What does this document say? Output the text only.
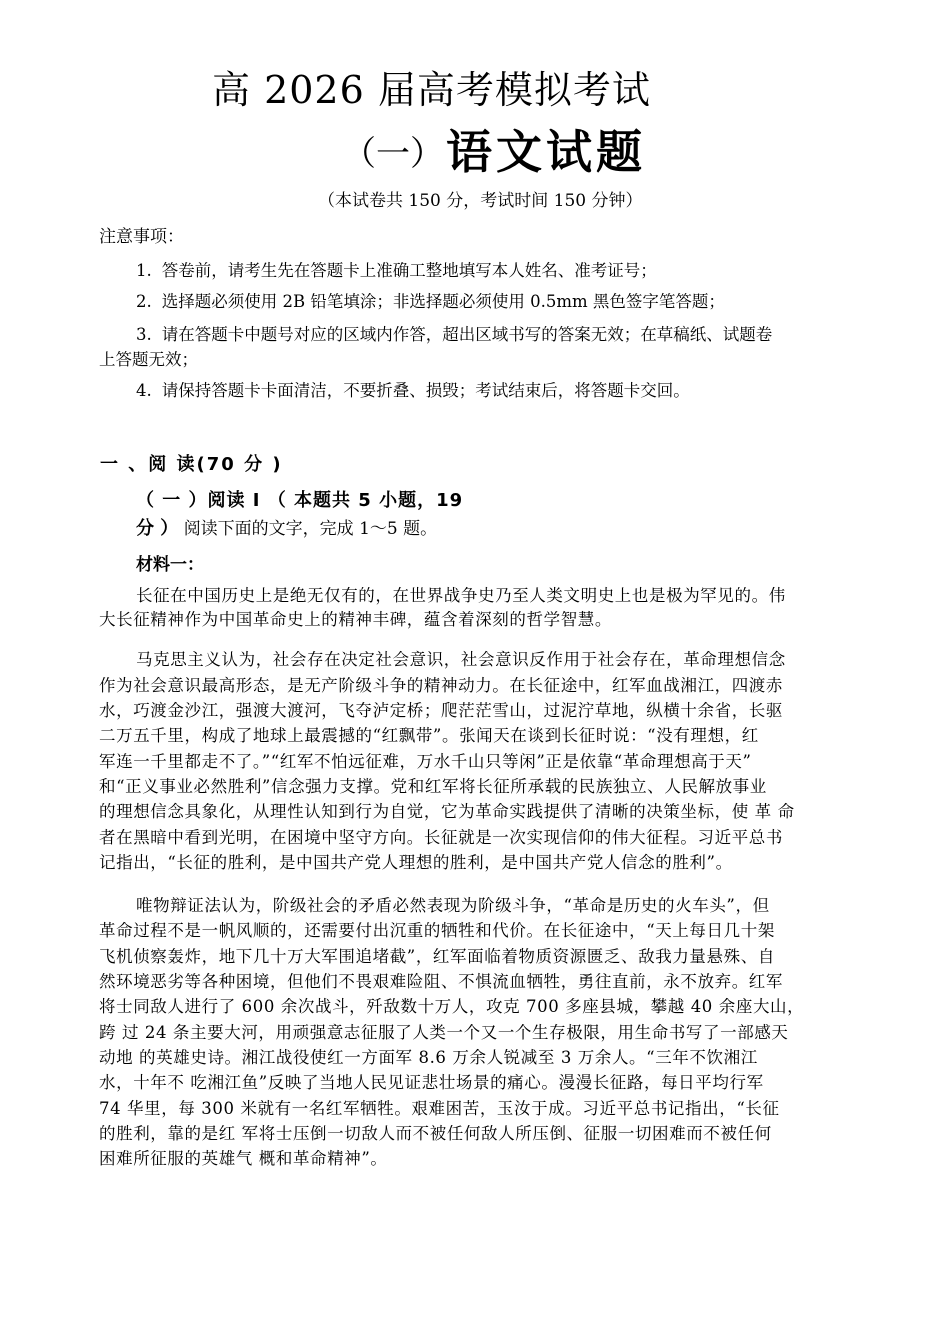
高 2026 届高考模拟考试
（一） 语文试题
（本试卷共 150 分，考试时间 150 分钟）
注意事项：
1. 答卷前，请考生先在答题卡上准确工整地填写本人姓名、准考证号；
2. 选择题必须使用 2B 铅笔填涂；非选择题必须使用 0.5mm 黑色签字笔答题；
3. 请在答题卡中题号对应的区域内作答，超出区域书写的答案无效；在草稿纸、试题卷
上答题无效；
4. 请保持答题卡卡面清洁，不要折叠、损毁；考试结束后，将答题卡交回。
一 、阅 读(70 分 )
（ 一 ）阅读 I （ 本题共 5 小题，19
分 ） 阅读下面的文字，完成 1～5 题。
材料一：
长征在中国历史上是绝无仅有的，在世界战争史乃至人类文明史上也是极为罕见的。伟
大长征精神作为中国革命史上的精神丰碑，蕴含着深刻的哲学智慧。
马克思主义认为，社会存在决定社会意识，社会意识反作用于社会存在，革命理想信念
作为社会意识最高形态，是无产阶级斗争的精神动力。在长征途中，红军血战湘江，四渡赤
水，巧渡金沙江，强渡大渡河，飞夺泸定桥；爬茫茫雪山，过泥泞草地，纵横十余省，长驱
二万五千里，构成了地球上最震撼的“红飘带”。张闻天在谈到长征时说：“没有理想，红
军连一千里都走不了。”“红军不怕远征难，万水千山只等闲”正是依靠“革命理想高于天”
和“正义事业必然胜利”信念强力支撑。党和红军将长征所承载的民族独立、人民解放事业
的理想信念具象化，从理性认知到行为自觉，它为革命实践提供了清晰的决策坐标，使 革 命
者在黑暗中看到光明，在困境中坚守方向。长征就是一次实现信仰的伟大征程。习近平总书
记指出，“长征的胜利，是中国共产党人理想的胜利，是中国共产党人信念的胜利”。
唯物辩证法认为，阶级社会的矛盾必然表现为阶级斗争，“革命是历史的火车头”，但
革命过程不是一帆风顺的，还需要付出沉重的牺牲和代价。在长征途中，“天上每日几十架
飞机侦察轰炸，地下几十万大军围追堵截”，红军面临着物质资源匮乏、敌我力量悬殊、自
然环境恶劣等各种困境，但他们不畏艰难险阻、不惧流血牺牲，勇往直前，永不放弃。红军
将士同敌人进行了 600 余次战斗，歼敌数十万人，攻克 700 多座县城，攀越 40 余座大山，
跨 过 24 条主要大河，用顽强意志征服了人类一个又一个生存极限，用生命书写了一部感天
动地 的英雄史诗。湘江战役使红一方面军 8.6 万余人锐减至 3 万余人。“三年不饮湘江
水，十年不 吃湘江鱼”反映了当地人民见证悲壮场景的痛心。漫漫长征路，每日平均行军
74 华里，每 300 米就有一名红军牺牲。艰难困苦，玉汝于成。习近平总书记指出，“长征
的胜利，靠的是红 军将士压倒一切敌人而不被任何敌人所压倒、征服一切困难而不被任何
困难所征服的英雄气 概和革命精神”。
